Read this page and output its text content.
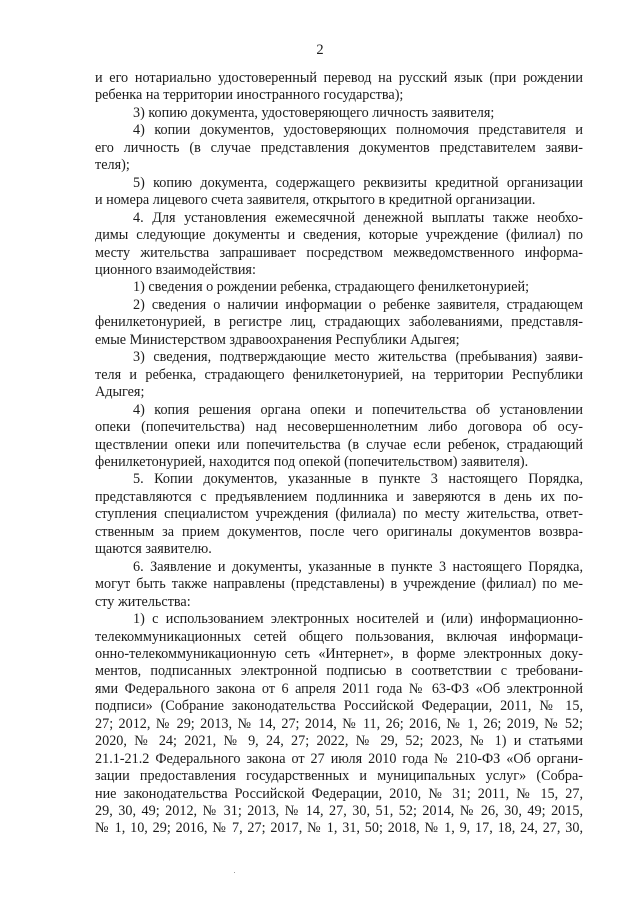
2

и его нотариально удостоверенный перевод на русский язык (при рождении

ребенка на территории иностранного государства);

3) копию документа, удостоверяющего личность заявителя;

4) копии документов, удостоверяющих полномочия представителя и

его личность (в случае представления документов представителем заяви-

теля);

5) копию документа, содержащего реквизиты кредитной организации

и номера лицевого счета заявителя, открытого в кредитной организации.

4. Для установления ежемесячной денежной выплаты также необхо-

димы следующие документы и сведения, которые учреждение (филиал) по

месту жительства запрашивает посредством межведомственного информа-

ционного взаимодействия:

1) сведения о рождении ребенка, страдающего фенилкетонурией;

2) сведения о наличии информации о ребенке заявителя, страдающем

фенилкетонурией, в регистре лиц, страдающих заболеваниями, представля-

емые Министерством здравоохранения Республики Адыгея;

3) сведения, подтверждающие место жительства (пребывания) заяви-

теля и ребенка, страдающего фенилкетонурией, на территории Республики

Адыгея;

4) копия решения органа опеки и попечительства об установлении

опеки (попечительства) над несовершеннолетним либо договора об осу-

ществлении опеки или попечительства (в случае если ребенок, страдающий

фенилкетонурией, находится под опекой (попечительством) заявителя).

5. Копии документов, указанные в пункте 3 настоящего Порядка,

представляются с предъявлением подлинника и заверяются в день их по-

ступления специалистом учреждения (филиала) по месту жительства, ответ-

ственным за прием документов, после чего оригиналы документов возвра-

щаются заявителю.

6. Заявление и документы, указанные в пункте 3 настоящего Порядка,

могут быть также направлены (представлены) в учреждение (филиал) по ме-

сту жительства:

1) с использованием электронных носителей и (или) информационно-

телекоммуникационных сетей общего пользования, включая информаци-

онно-телекоммуникационную сеть «Интернет», в форме электронных доку-

ментов, подписанных электронной подписью в соответствии с требовани-

ями Федерального закона от 6 апреля 2011 года № 63-ФЗ «Об электронной

подписи» (Собрание законодательства Российской Федерации, 2011, № 15,

27; 2012, № 29; 2013, № 14, 27; 2014, № 11, 26; 2016, № 1, 26; 2019, № 52;

2020, № 24; 2021, № 9, 24, 27; 2022, № 29, 52; 2023, № 1) и статьями

21.1-21.2 Федерального закона от 27 июля 2010 года № 210-ФЗ «Об органи-

зации предоставления государственных и муниципальных услуг» (Собра-

ние законодательства Российской Федерации, 2010, № 31; 2011, № 15, 27,

29, 30, 49; 2012, № 31; 2013, № 14, 27, 30, 51, 52; 2014, № 26, 30, 49; 2015,

№ 1, 10, 29; 2016, № 7, 27; 2017, № 1, 31, 50; 2018, № 1, 9, 17, 18, 24, 27, 30,
